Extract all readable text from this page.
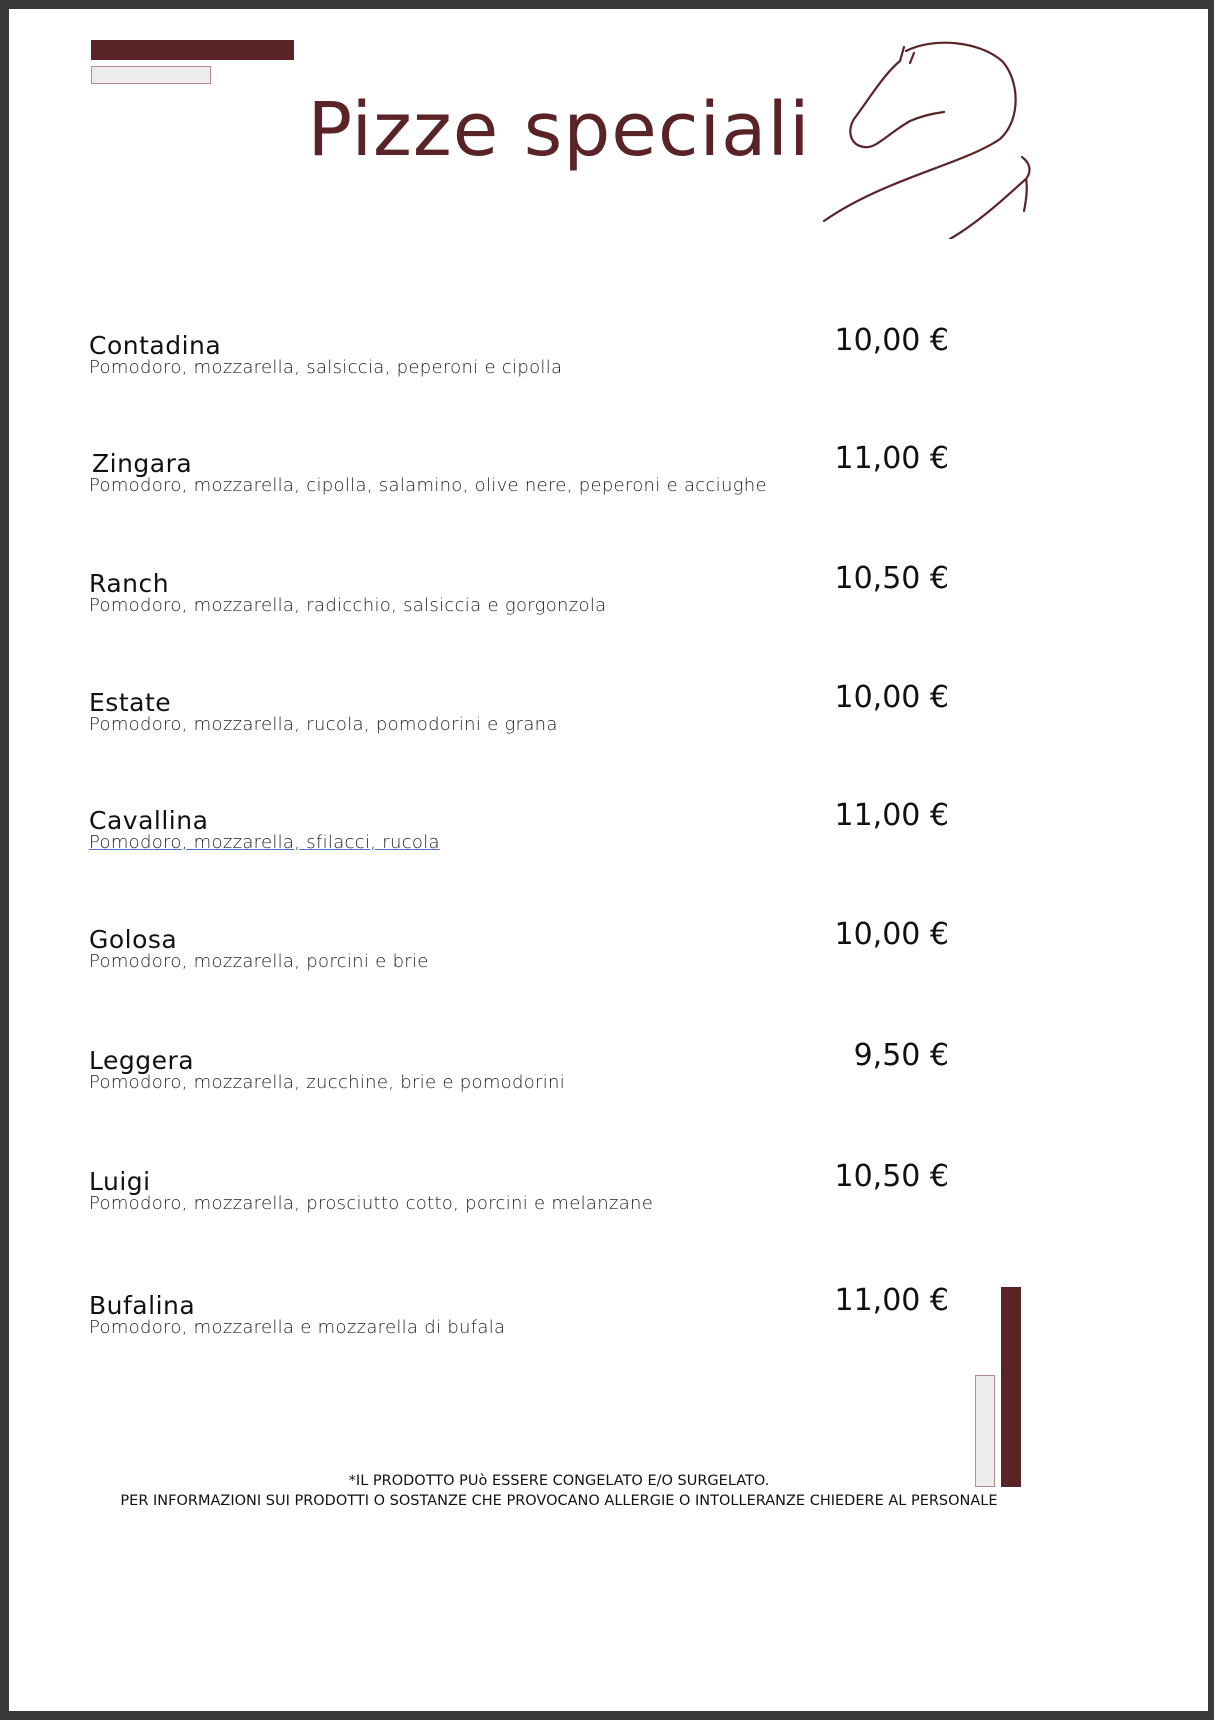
Pizze speciali
Contadina
Pomodoro, mozzarella, salsiccia, peperoni e cipolla
10,00 €
Zingara
Pomodoro, mozzarella, cipolla, salamino, olive nere, peperoni e acciughe
11,00 €
Ranch
Pomodoro, mozzarella, radicchio, salsiccia e gorgonzola
10,50 €
Estate
Pomodoro, mozzarella, rucola, pomodorini e grana
10,00 €
Cavallina
Pomodoro, mozzarella, sfilacci, rucola
11,00 €
Golosa
Pomodoro, mozzarella, porcini e brie
10,00 €
Leggera
Pomodoro, mozzarella, zucchine, brie e pomodorini
9,50 €
Luigi
Pomodoro, mozzarella, prosciutto cotto, porcini e melanzane
10,50 €
Bufalina
Pomodoro, mozzarella e mozzarella di bufala
11,00 €
*IL PRODOTTO PUò ESSERE CONGELATO E/O SURGELATO.
PER INFORMAZIONI SUI PRODOTTI O SOSTANZE CHE PROVOCANO ALLERGIE O INTOLLERANZE CHIEDERE AL PERSONALE
